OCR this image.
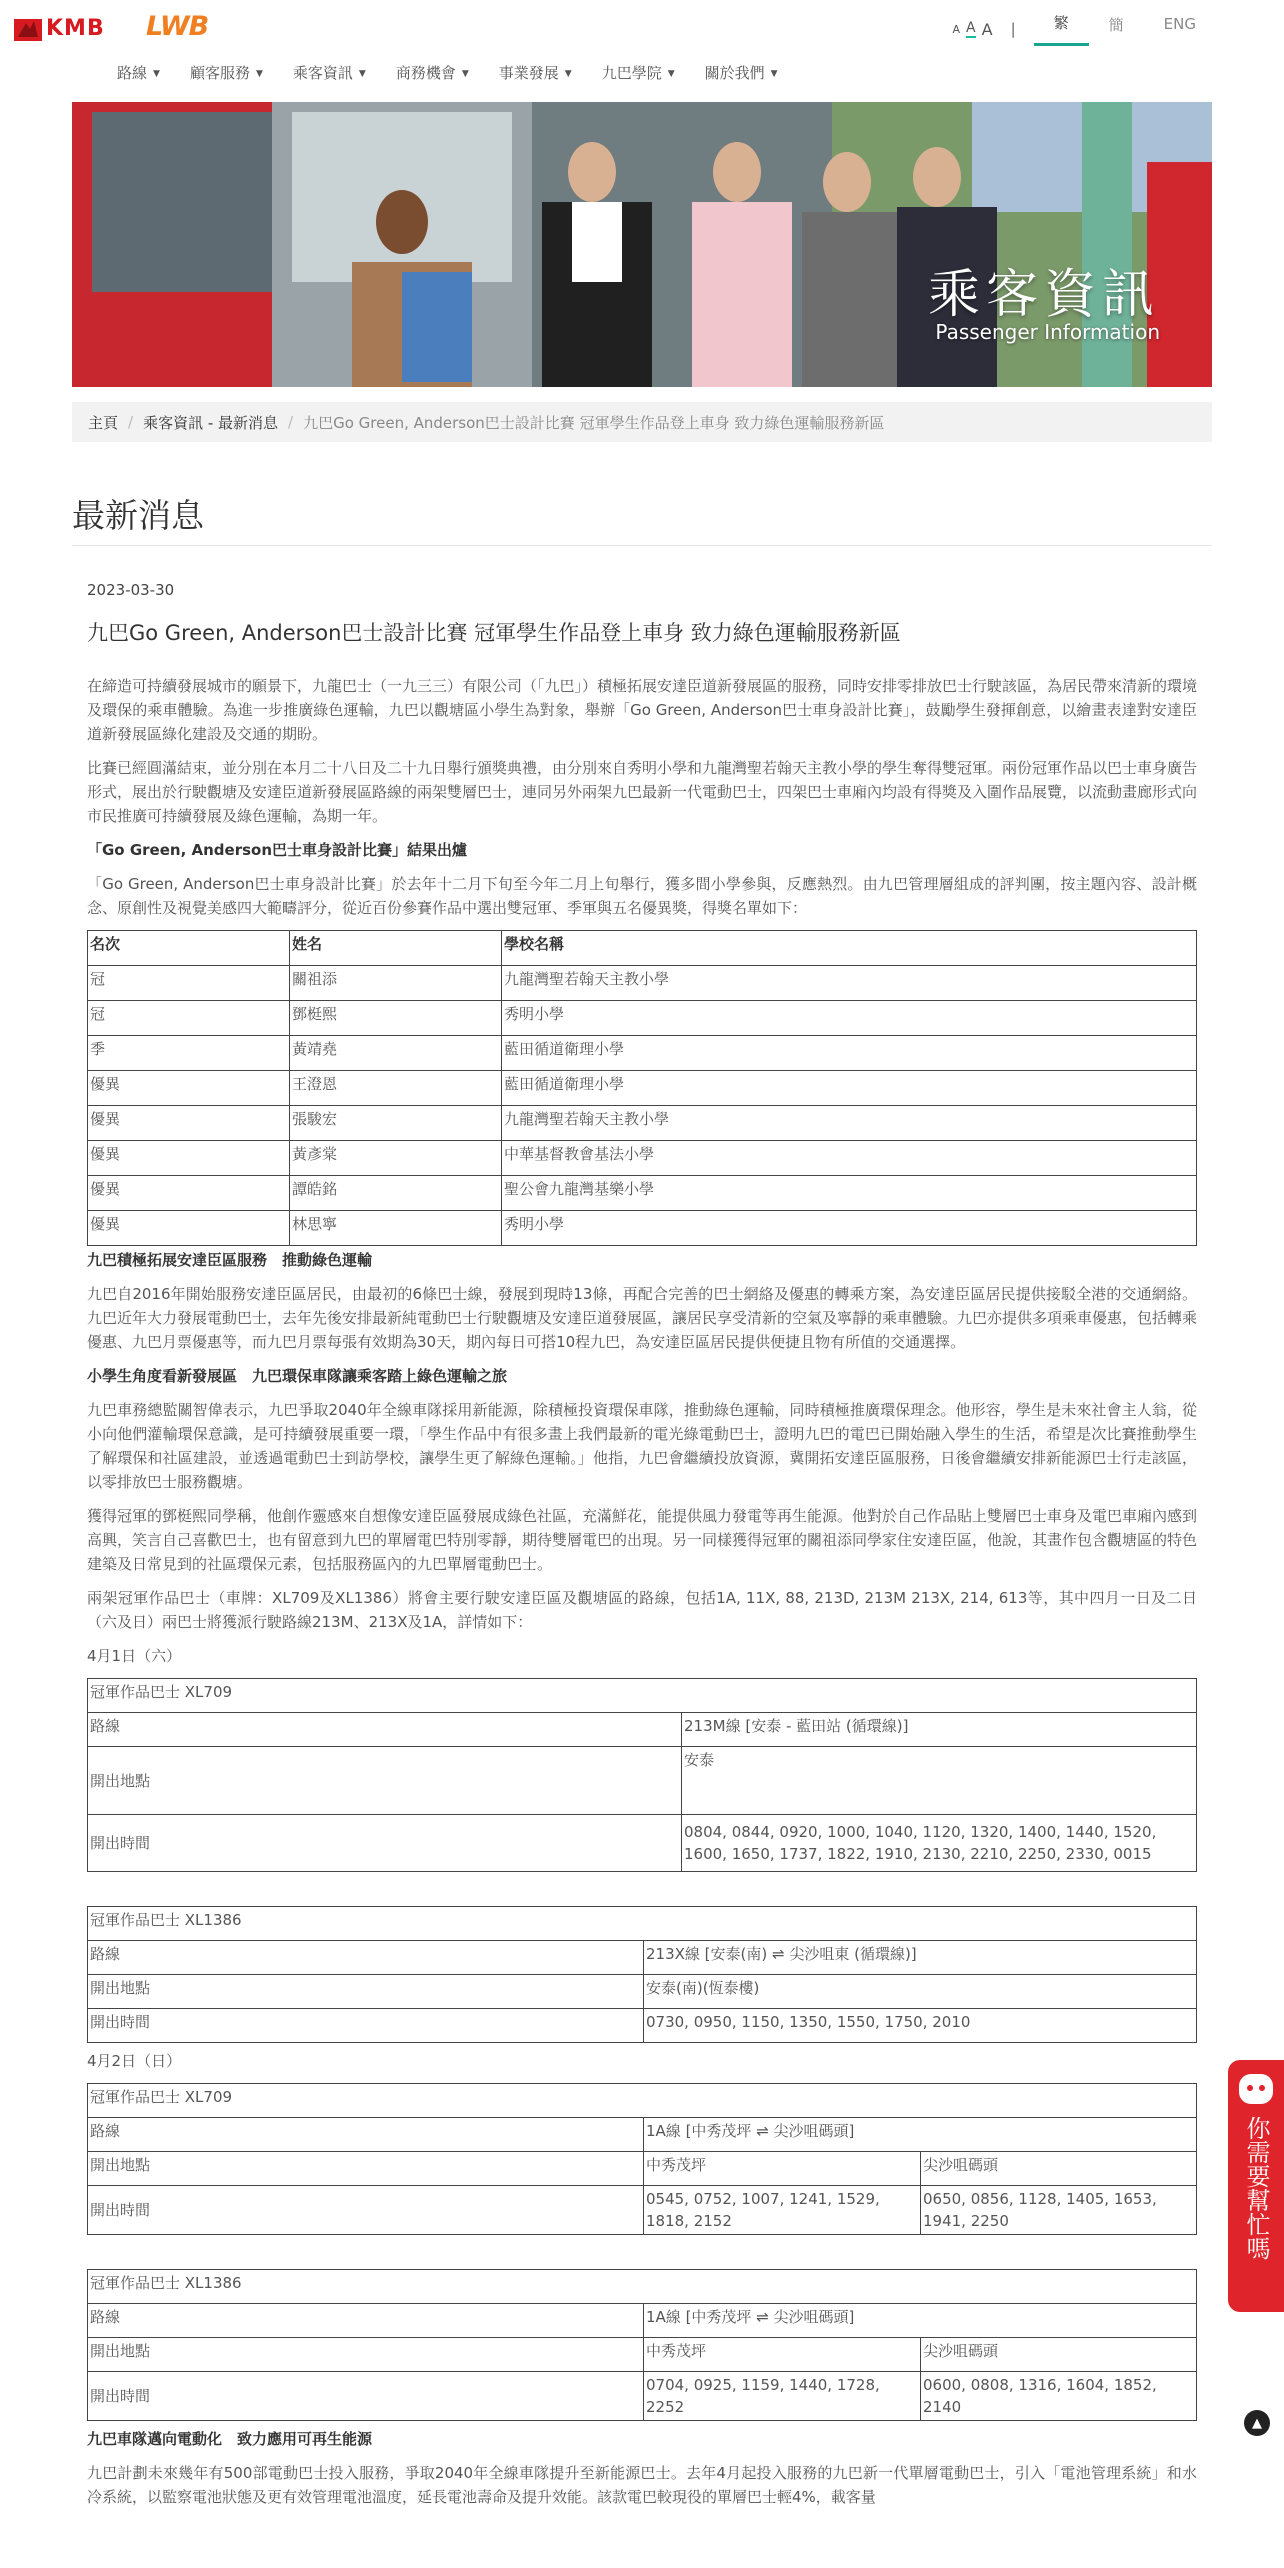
KMB LWB	A A A |	繁	簡	ENG
路線 ▼ 顧客服務 ▼ 乘客資訊 ▼ 商務機會 ▼ 事業發展 ▼ 九巴學院 ▼ 關於我們 ▼
乘客資訊
Passenger Information
主頁 / 乘客資訊 - 最新消息 / 九巴Go Green, Anderson巴士設計比賽 冠軍學生作品登上車身 致力綠色運輸服務新區
最新消息
2023-03-30
九巴Go Green, Anderson巴士設計比賽 冠軍學生作品登上車身 致力綠色運輸服務新區

在締造可持續發展城市的願景下，九龍巴士（一九三三）有限公司（「九巴」）積極拓展安達臣道新發展區的服務，同時安排零排放巴士行駛該區，為居民帶來清新的環境及環保的乘車體驗。為進一步推廣綠色運輸，九巴以觀塘區小學生為對象，舉辦「Go Green, Anderson巴士車身設計比賽」，鼓勵學生發揮創意，以繪畫表達對安達臣道新發展區綠化建設及交通的期盼。

比賽已經圓滿結束，並分別在本月二十八日及二十九日舉行頒獎典禮，由分別來自秀明小學和九龍灣聖若翰天主教小學的學生奪得雙冠軍。兩份冠軍作品以巴士車身廣告形式，展出於行駛觀塘及安達臣道新發展區路線的兩架雙層巴士，連同另外兩架九巴最新一代電動巴士，四架巴士車廂內均設有得獎及入圍作品展覽，以流動畫廊形式向市民推廣可持續發展及綠色運輸，為期一年。

「Go Green, Anderson巴士車身設計比賽」結果出爐

「Go Green, Anderson巴士車身設計比賽」於去年十二月下旬至今年二月上旬舉行，獲多間小學參與，反應熱烈。由九巴管理層組成的評判團，按主題內容、設計概念、原創性及視覺美感四大範疇評分，從近百份參賽作品中選出雙冠軍、季軍與五名優異獎，得獎名單如下：

名次	姓名	學校名稱
冠	關祖添	九龍灣聖若翰天主教小學
冠	鄧梃熙	秀明小學
季	黃靖堯	藍田循道衛理小學
優異	王澄恩	藍田循道衛理小學
優異	張駿宏	九龍灣聖若翰天主教小學
優異	黃彥棠	中華基督教會基法小學
優異	譚皓銘	聖公會九龍灣基樂小學
優異	林思寧	秀明小學
九巴積極拓展安達臣區服務　推動綠色運輸

九巴自2016年開始服務安達臣區居民，由最初的6條巴士線，發展到現時13條，再配合完善的巴士網絡及優惠的轉乘方案，為安達臣區居民提供接駁全港的交通網絡。九巴近年大力發展電動巴士，去年先後安排最新純電動巴士行駛觀塘及安達臣道發展區，讓居民享受清新的空氣及寧靜的乘車體驗。九巴亦提供多項乘車優惠，包括轉乘優惠、九巴月票優惠等，而九巴月票每張有效期為30天，期內每日可搭10程九巴，為安達臣區居民提供便捷且物有所值的交通選擇。

小學生角度看新發展區　九巴環保車隊讓乘客踏上綠色運輸之旅

九巴車務總監關智偉表示，九巴爭取2040年全線車隊採用新能源，除積極投資環保車隊，推動綠色運輸，同時積極推廣環保理念。他形容，學生是未來社會主人翁，從小向他們灌輸環保意識，是可持續發展重要一環，「學生作品中有很多畫上我們最新的電光綠電動巴士，證明九巴的電巴已開始融入學生的生活，希望是次比賽推動學生了解環保和社區建設，並透過電動巴士到訪學校，讓學生更了解綠色運輸。」他指，九巴會繼續投放資源，冀開拓安達臣區服務，日後會繼續安排新能源巴士行走該區，以零排放巴士服務觀塘。

獲得冠軍的鄧梃熙同學稱，他創作靈感來自想像安達臣區發展成綠色社區，充滿鮮花，能提供風力發電等再生能源。他對於自己作品貼上雙層巴士車身及電巴車廂內感到高興，笑言自己喜歡巴士，也有留意到九巴的單層電巴特別零靜，期待雙層電巴的出現。另一同樣獲得冠軍的關祖添同學家住安達臣區，他說，其畫作包含觀塘區的特色建築及日常見到的社區環保元素，包括服務區內的九巴單層電動巴士。

兩架冠軍作品巴士（車牌：XL709及XL1386）將會主要行駛安達臣區及觀塘區的路線，包括1A, 11X, 88, 213D, 213M 213X, 214, 613等，其中四月一日及二日（六及日）兩巴士將獲派行駛路線213M、213X及1A，詳情如下：

4月1日（六）
冠軍作品巴士 XL709	
路線	213M線 [安泰 - 藍田站 (循環線)]
開出地點	安泰
開出時間	0804, 0844, 0920, 1000, 1040, 1120, 1320, 1400, 1440, 1520, 1600, 1650, 1737, 1822, 1910, 2130, 2210, 2250, 2330, 0015
冠軍作品巴士 XL1386	
路線	213X線 [安泰(南) ⇌ 尖沙咀東 (循環線)]
開出地點	安泰(南)(恆泰樓)
開出時間	0730, 0950, 1150, 1350, 1550, 1750, 2010
4月2日（日）
冠軍作品巴士 XL709		
路線	1A線 [中秀茂坪 ⇌ 尖沙咀碼頭]	
開出地點	中秀茂坪	尖沙咀碼頭
開出時間	0545, 0752, 1007, 1241, 1529, 1818, 2152	0650, 0856, 1128, 1405, 1653, 1941, 2250
冠軍作品巴士 XL1386		
路線	1A線 [中秀茂坪 ⇌ 尖沙咀碼頭]	
開出地點	中秀茂坪	尖沙咀碼頭
開出時間	0704, 0925, 1159, 1440, 1728, 2252	0600, 0808, 1316, 1604, 1852, 2140
九巴車隊邁向電動化　致力應用可再生能源

九巴計劃未來幾年有500部電動巴士投入服務，爭取2040年全線車隊提升至新能源巴士。去年4月起投入服務的九巴新一代單層電動巴士，引入「電池管理系統」和水冷系統，以監察電池狀態及更有效管理電池溫度，延長電池壽命及提升效能。該款電巴較現役的單層巴士輕4%，載客量

你需要幫忙嗎
▲
